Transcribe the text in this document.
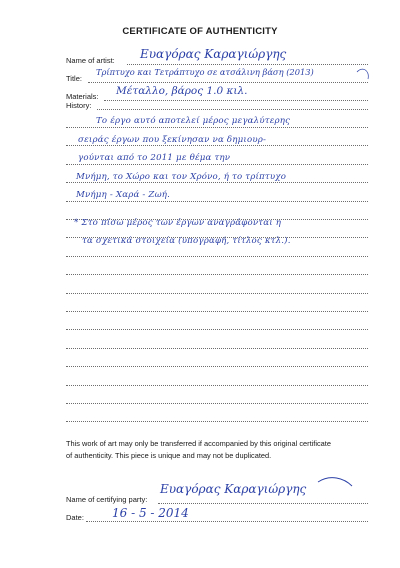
CERTIFICATE OF AUTHENTICITY
Name of artist: Ευαγόρας Καραγιώργης
Title:
Τρίπτυχο και Τετράπτυχο σε ατσάλινη βάση (2013)
Materials: Μέταλλο, βάρος 1.0 κιλ.
History:
Το έργο αυτό αποτελεί μέρος μεγαλύτερης
σειράς έργων που ξεκίνησαν να δημιουρ-
γούνται από το 2011 με θέμα την
Μνήμη, το Χώρο και τον Χρόνο, ή το τρίπτυχο
Μνήμη - Χαρά - Ζωή.
* Στο πίσω μέρος των έργων αναγράφονται η
τα σχετικά στοιχεία (υπογραφή, τίτλος κτλ.).
This work of art may only be transferred if accompanied by this original certificate
of authenticity. This piece is unique and may not be duplicated.
Name of certifying party:
Ευαγόρας Καραγιώργης
Date: 16 - 5 - 2014
